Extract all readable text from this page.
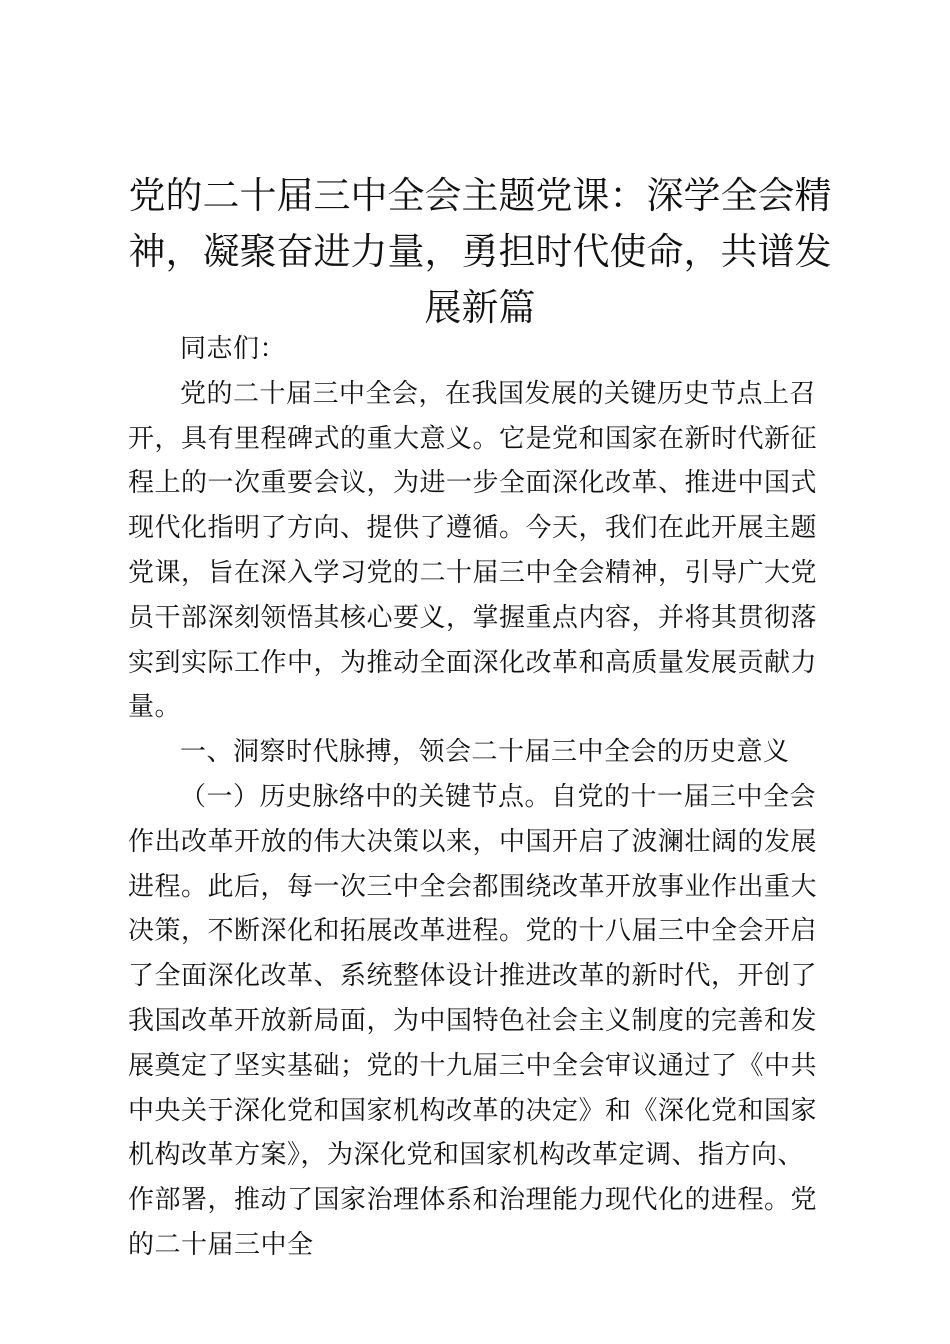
党的二十届三中全会主题党课：深学全会精神，凝聚奋进力量，勇担时代使命，共谱发展新篇

同志们：

党的二十届三中全会，在我国发展的关键历史节点上召开，具有里程碑式的重大意义。它是党和国家在新时代新征程上的一次重要会议，为进一步全面深化改革、推进中国式现代化指明了方向、提供了遵循。今天，我们在此开展主题党课，旨在深入学习党的二十届三中全会精神，引导广大党员干部深刻领悟其核心要义，掌握重点内容，并将其贯彻落实到实际工作中，为推动全面深化改革和高质量发展贡献力量。

一、洞察时代脉搏，领会二十届三中全会的历史意义

（一）历史脉络中的关键节点。自党的十一届三中全会作出改革开放的伟大决策以来，中国开启了波澜壮阔的发展进程。此后，每一次三中全会都围绕改革开放事业作出重大决策，不断深化和拓展改革进程。党的十八届三中全会开启了全面深化改革、系统整体设计推进改革的新时代，开创了我国改革开放新局面，为中国特色社会主义制度的完善和发展奠定了坚实基础；党的十九届三中全会审议通过了《中共中央关于深化党和国家机构改革的决定》和《深化党和国家机构改革方案》，为深化党和国家机构改革定调、指方向、作部署，推动了国家治理体系和治理能力现代化的进程。党的二十届三中全
